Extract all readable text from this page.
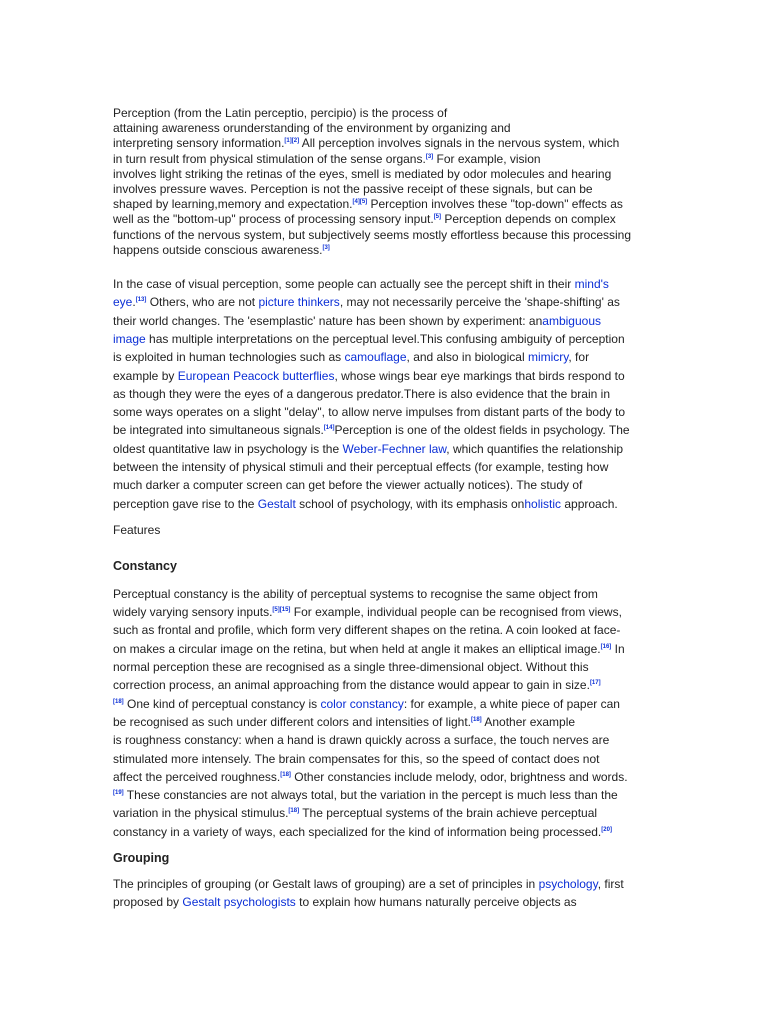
Perception (from the Latin perceptio, percipio) is the process of
attaining awareness orunderstanding of the environment by organizing and
interpreting sensory information.[1][2] All perception involves signals in the nervous system, which
in turn result from physical stimulation of the sense organs.[3] For example, vision
involves light striking the retinas of the eyes, smell is mediated by odor molecules and hearing
involves pressure waves. Perception is not the passive receipt of these signals, but can be
shaped by learning,memory and expectation.[4][5] Perception involves these "top-down" effects as
well as the "bottom-up" process of processing sensory input.[5] Perception depends on complex
functions of the nervous system, but subjectively seems mostly effortless because this processing
happens outside conscious awareness.[3]

In the case of visual perception, some people can actually see the percept shift in their mind's
eye.[13] Others, who are not picture thinkers, may not necessarily perceive the 'shape-shifting' as
their world changes. The 'esemplastic' nature has been shown by experiment: anambiguous
image has multiple interpretations on the perceptual level.This confusing ambiguity of perception
is exploited in human technologies such as camouflage, and also in biological mimicry, for
example by European Peacock butterflies, whose wings bear eye markings that birds respond to
as though they were the eyes of a dangerous predator.There is also evidence that the brain in
some ways operates on a slight "delay", to allow nerve impulses from distant parts of the body to
be integrated into simultaneous signals.[14]Perception is one of the oldest fields in psychology. The
oldest quantitative law in psychology is the Weber-Fechner law, which quantifies the relationship
between the intensity of physical stimuli and their perceptual effects (for example, testing how
much darker a computer screen can get before the viewer actually notices). The study of
perception gave rise to the Gestalt school of psychology, with its emphasis onholistic approach.

Features
Constancy

Perceptual constancy is the ability of perceptual systems to recognise the same object from
widely varying sensory inputs.[5][15] For example, individual people can be recognised from views,
such as frontal and profile, which form very different shapes on the retina. A coin looked at face-
on makes a circular image on the retina, but when held at angle it makes an elliptical image.[16] In
normal perception these are recognised as a single three-dimensional object. Without this
correction process, an animal approaching from the distance would appear to gain in size.[17]
[18] One kind of perceptual constancy is color constancy: for example, a white piece of paper can
be recognised as such under different colors and intensities of light.[18] Another example
is roughness constancy: when a hand is drawn quickly across a surface, the touch nerves are
stimulated more intensely. The brain compensates for this, so the speed of contact does not
affect the perceived roughness.[18] Other constancies include melody, odor, brightness and words.
[19] These constancies are not always total, but the variation in the percept is much less than the
variation in the physical stimulus.[18] The perceptual systems of the brain achieve perceptual
constancy in a variety of ways, each specialized for the kind of information being processed.[20]

Grouping

The principles of grouping (or Gestalt laws of grouping) are a set of principles in psychology, first
proposed by Gestalt psychologists to explain how humans naturally perceive objects as
